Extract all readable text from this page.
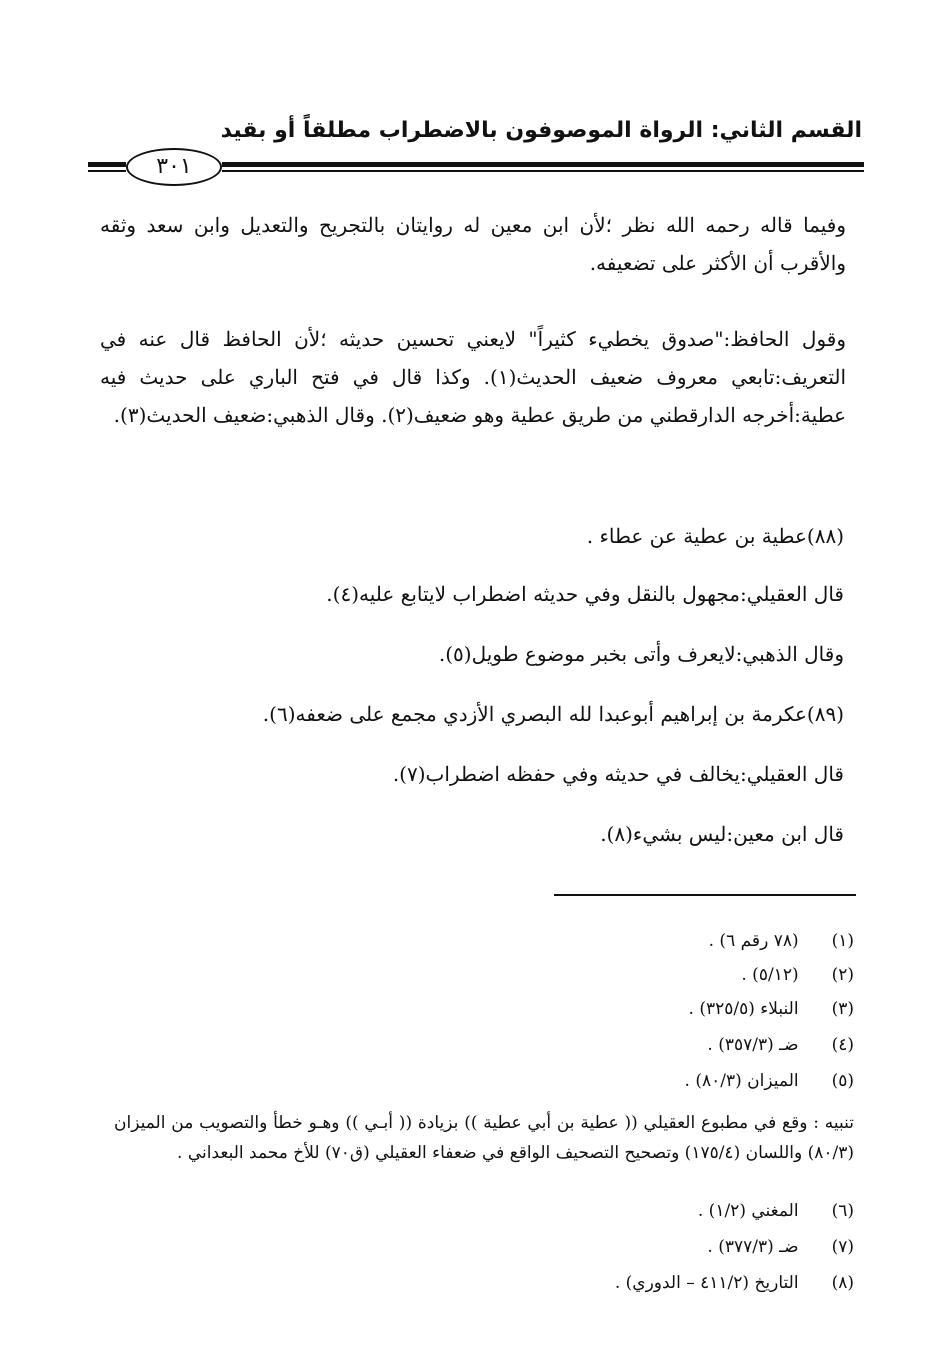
القسم الثاني: الرواة الموصوفون بالاضطراب مطلقاً أو بقيد
٣٠١

وفيما قاله رحمه الله نظر ؛لأن ابن معين له روايتان بالتجريح والتعديل وابن سعد وثقه والأقرب أن الأكثر على تضعيفه.

وقول الحافظ:"صدوق يخطيء كثيراً" لايعني تحسين حديثه ؛لأن الحافظ قال عنه في التعريف:تابعي معروف ضعيف الحديث(١). وكذا قال في فتح الباري على حديث فيه عطية:أخرجه الدارقطني من طريق عطية وهو ضعيف(٢). وقال الذهبي:ضعيف الحديث(٣).

(٨٨)عطية بن عطية عن عطاء .
قال العقيلي:مجهول بالنقل وفي حديثه اضطراب لايتابع عليه(٤).
وقال الذهبي:لايعرف وأتى بخبر موضوع طويل(٥).
(٨٩)عكرمة بن إبراهيم أبوعبدا لله البصري الأزدي مجمع على ضعفه(٦).
قال العقيلي:يخالف في حديثه وفي حفظه اضطراب(٧).
قال ابن معين:ليس بشيء(٨).
(١) (٧٨ رقم ٦) .
(٢) (٥/١٢) .
(٣) النبلاء (٣٢٥/٥) .
(٤) ضـ (٣٥٧/٣) .
(٥) الميزان (٨٠/٣) .
تنبيه : وقع في مطبوع العقيلي (( عطية بن أبي عطية )) بزيادة (( أبـي )) وهـو خطأ والتصويب من الميزان (٨٠/٣) واللسان (١٧٥/٤) وتصحيح التصحيف الواقع في ضعفاء العقيلي (ق٧٠) للأخ محمد البعداني .
(٦) المغني (١/٢) .
(٧) ضـ (٣٧٧/٣) .
(٨) التاريخ (٤١١/٢ – الدوري) .
